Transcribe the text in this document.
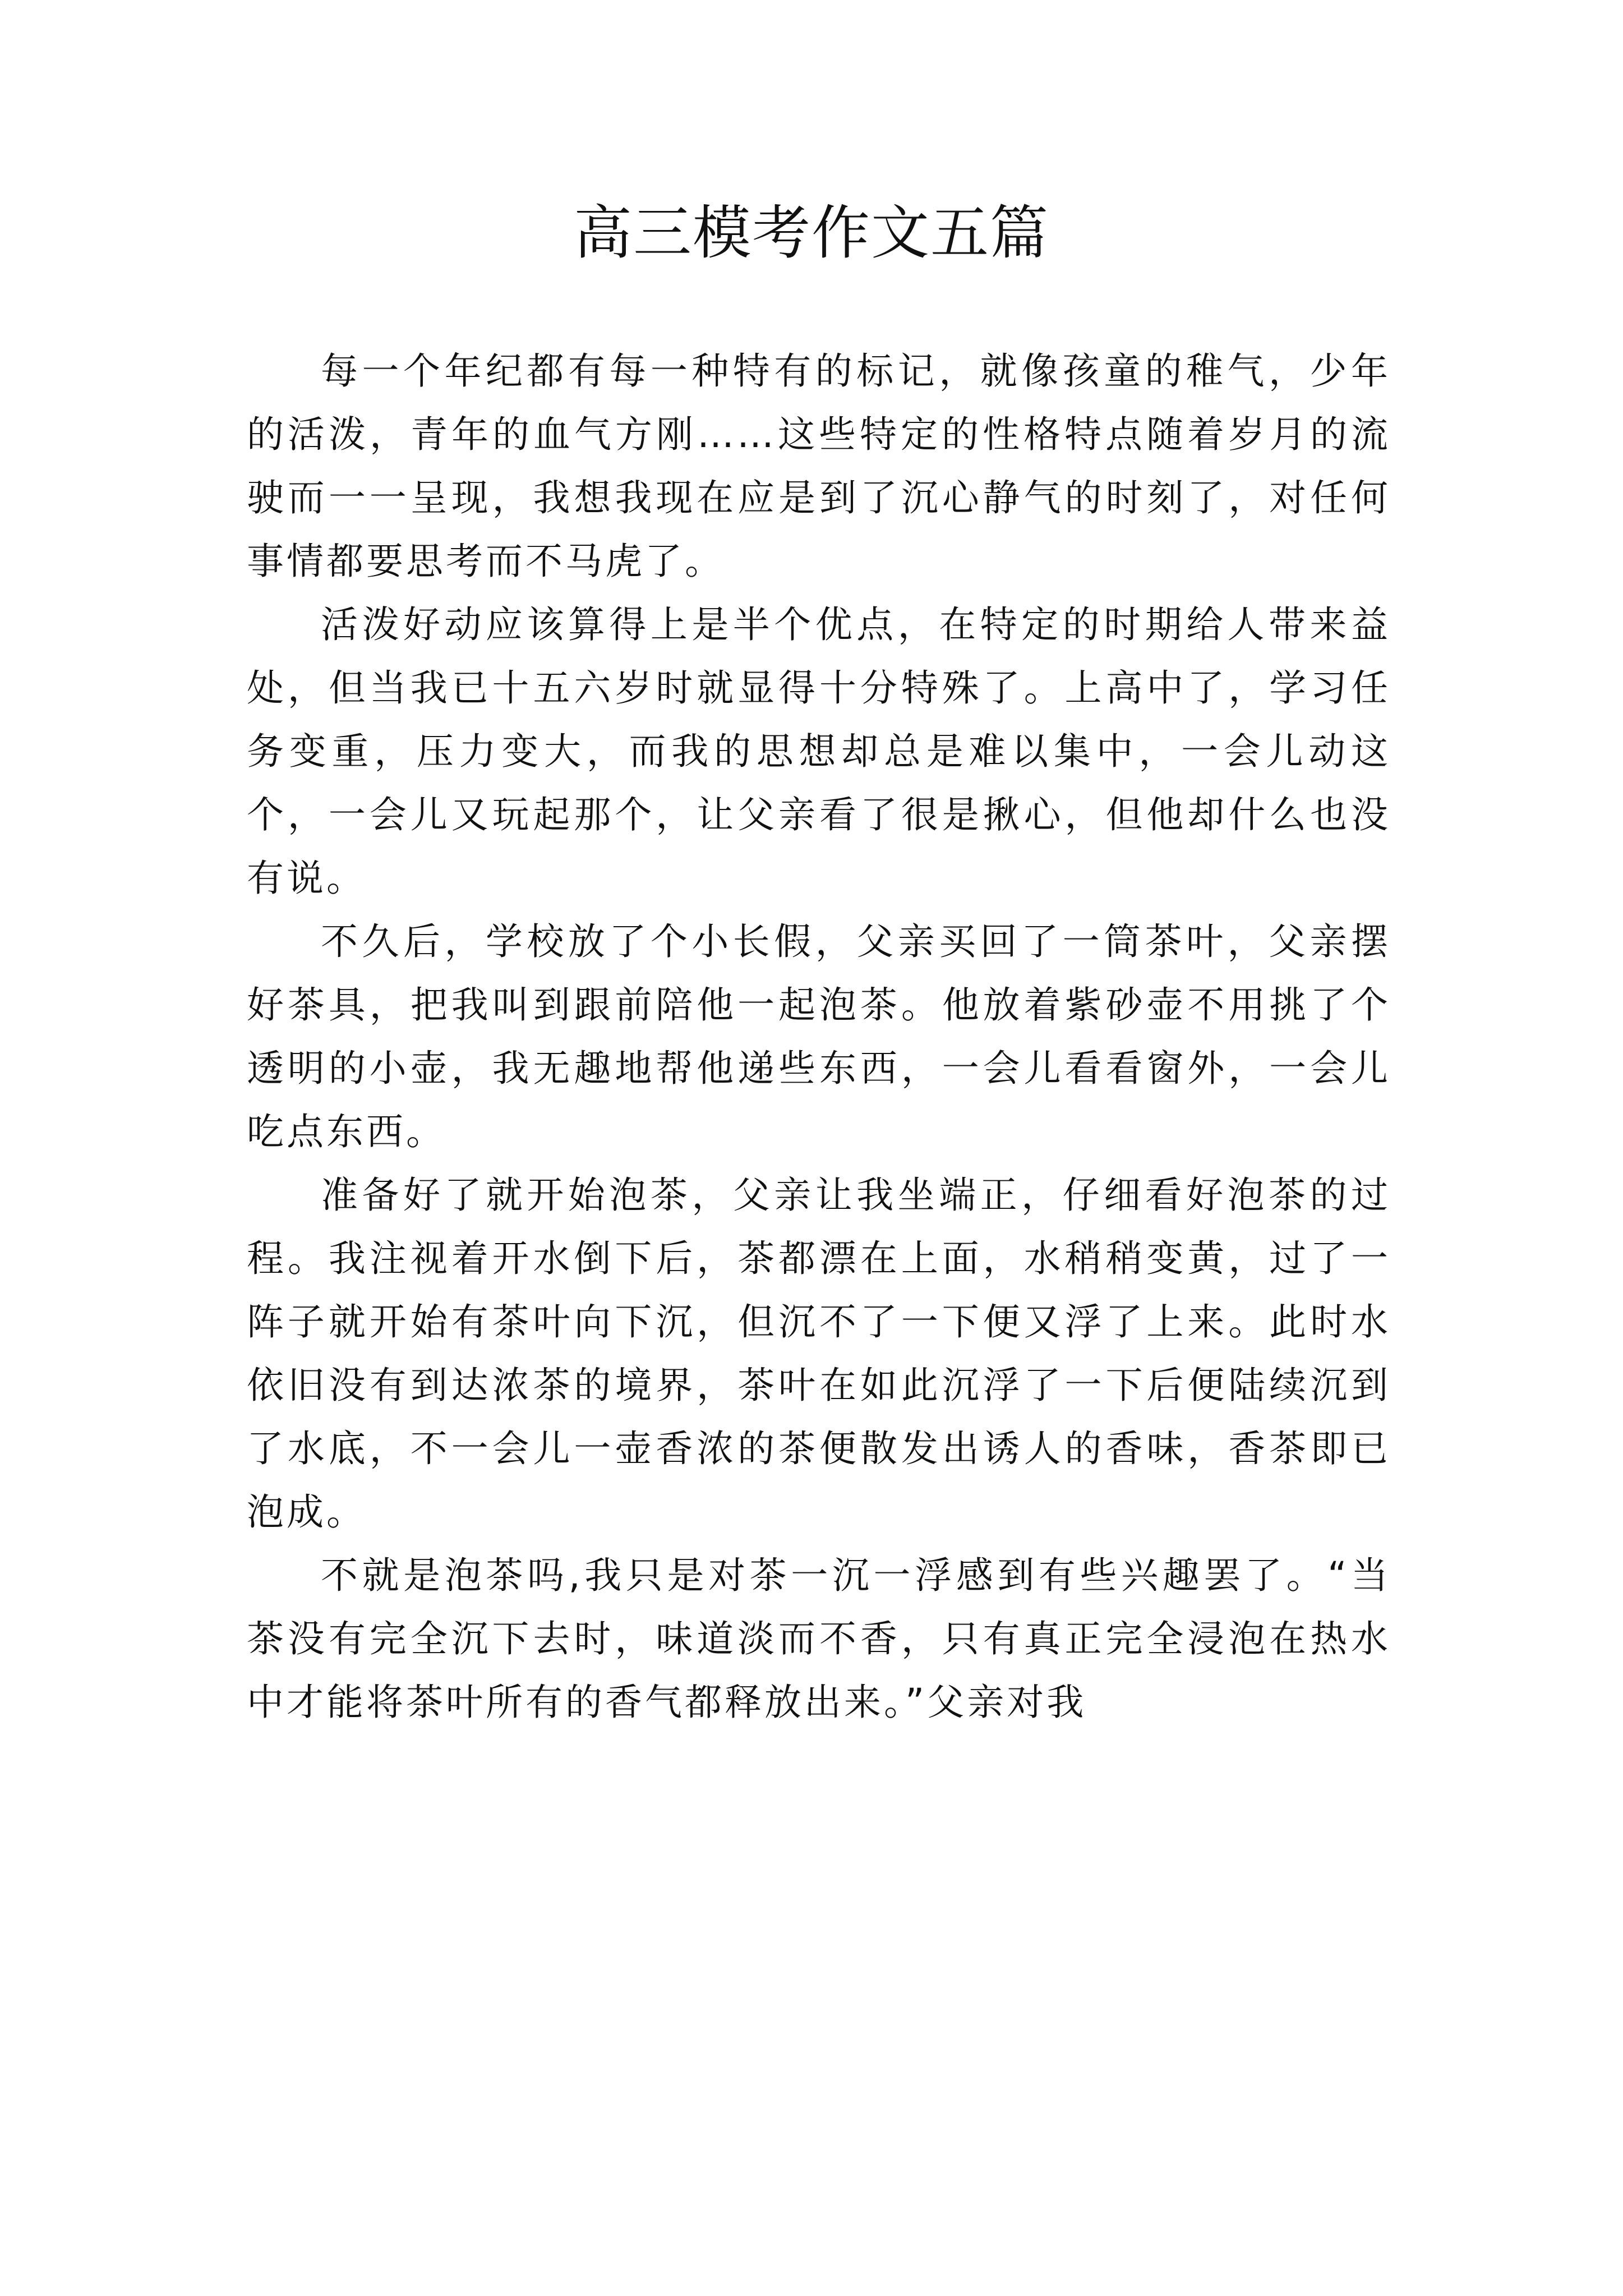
高三模考作文五篇

每一个年纪都有每一种特有的标记，就像孩童的稚气，少年的活泼，青年的血气方刚……这些特定的性格特点随着岁月的流驶而一一呈现，我想我现在应是到了沉心静气的时刻了，对任何事情都要思考而不马虎了。

活泼好动应该算得上是半个优点，在特定的时期给人带来益处，但当我已十五六岁时就显得十分特殊了。上高中了，学习任务变重，压力变大，而我的思想却总是难以集中，一会儿动这个，一会儿又玩起那个，让父亲看了很是揪心，但他却什么也没有说。

不久后，学校放了个小长假，父亲买回了一筒茶叶，父亲摆好茶具，把我叫到跟前陪他一起泡茶。他放着紫砂壶不用挑了个透明的小壶，我无趣地帮他递些东西，一会儿看看窗外，一会儿吃点东西。

准备好了就开始泡茶，父亲让我坐端正，仔细看好泡茶的过程。我注视着开水倒下后，茶都漂在上面，水稍稍变黄，过了一阵子就开始有茶叶向下沉，但沉不了一下便又浮了上来。此时水依旧没有到达浓茶的境界，茶叶在如此沉浮了一下后便陆续沉到了水底，不一会儿一壶香浓的茶便散发出诱人的香味，香茶即已泡成。

不就是泡茶吗,我只是对茶一沉一浮感到有些兴趣罢了。“当茶没有完全沉下去时，味道淡而不香，只有真正完全浸泡在热水中才能将茶叶所有的香气都释放出来。”父亲对我
